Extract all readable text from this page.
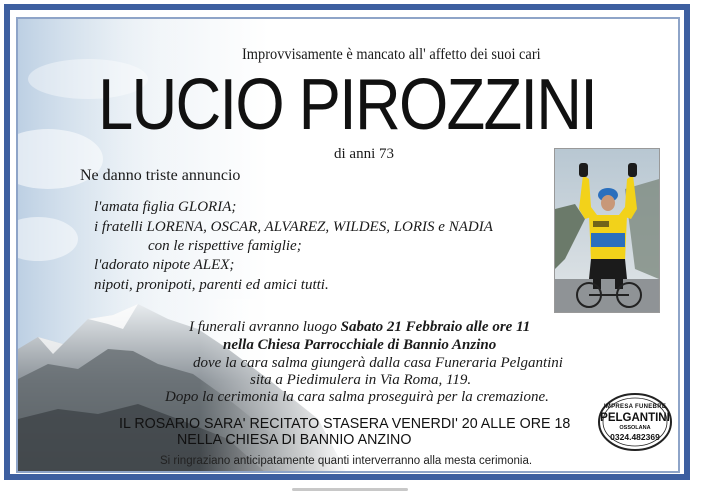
Improvvisamente è mancato all' affetto dei suoi cari
LUCIO PIROZZINI
di anni 73
Ne danno triste annuncio
l'amata figlia GLORIA;
i fratelli LORENA, OSCAR, ALVAREZ, WILDES, LORIS e NADIA
con le rispettive famiglie;
l'adorato nipote ALEX;
nipoti, pronipoti, parenti ed amici tutti.
I funerali avranno luogo Sabato 21 Febbraio alle ore 11
nella Chiesa Parrocchiale di Bannio Anzino
dove la cara salma giungerà dalla casa Funeraria Pelgantini
sita a Piedimulera in Via Roma, 119.
Dopo la cerimonia la cara salma proseguirà per la cremazione.
IL ROSARIO SARA' RECITATO STASERA VENERDI' 20 ALLE ORE 18
NELLA CHIESA DI BANNIO ANZINO
Si ringraziano anticipatamente quanti interverranno alla mesta cerimonia.
IMPRESA FUNEBRE
PELGANTINI
OSSOLANA
0324.482369
